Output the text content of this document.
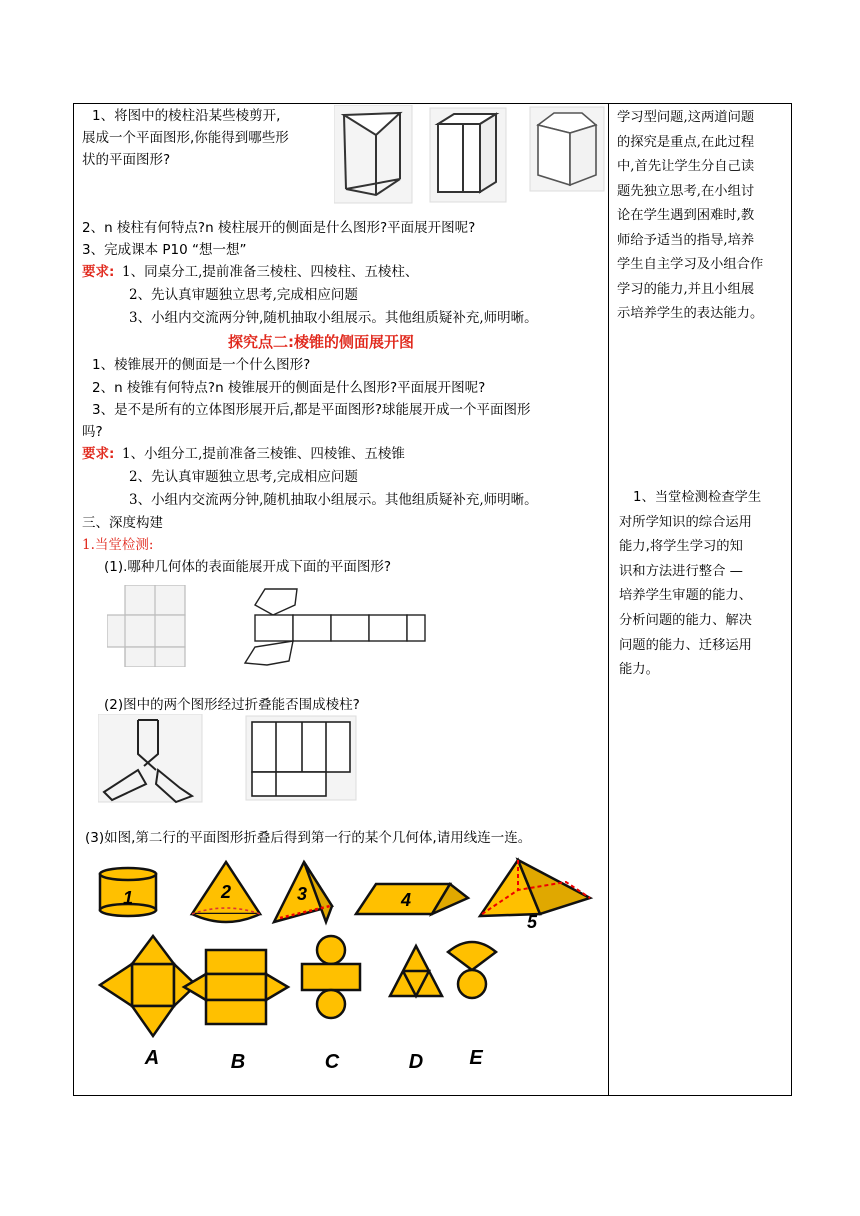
1、将图中的棱柱沿某些棱剪开,
展成一个平面图形,你能得到哪些形
状的平面图形?
2、n 棱柱有何特点?n 棱柱展开的侧面是什么图形?平面展开图呢?
3、完成课本 P10 “想一想”
要求: 1、同桌分工,提前准备三棱柱、四棱柱、五棱柱、
2、先认真审题独立思考,完成相应问题
3、小组内交流两分钟,随机抽取小组展示。其他组质疑补充,师明晰。
探究点二:棱锥的侧面展开图
1、棱锥展开的侧面是一个什么图形?
2、n 棱锥有何特点?n 棱锥展开的侧面是什么图形?平面展开图呢?
3、是不是所有的立体图形展开后,都是平面图形?球能展开成一个平面图形
吗?
要求: 1、小组分工,提前准备三棱锥、四棱锥、五棱锥
2、先认真审题独立思考,完成相应问题
3、小组内交流两分钟,随机抽取小组展示。其他组质疑补充,师明晰。
三、深度构建
1.当堂检测:
(1).哪种几何体的表面能展开成下面的平面图形?
(2)图中的两个图形经过折叠能否围成棱柱?
(3)如图,第二行的平面图形折叠后得到第一行的某个几何体,请用线连一连。
1	2	3	4
5
A	B	C	D E
学习型问题,这两道问题
的探究是重点,在此过程
中,首先让学生分自己读
题先独立思考,在小组讨
论在学生遇到困难时,教
师给予适当的指导,培养
学生自主学习及小组合作
学习的能力,并且小组展
示培养学生的表达能力。
1、当堂检测检查学生
对所学知识的综合运用
能力,将学生学习的知
识和方法进行整合 —
培养学生审题的能力、
分析问题的能力、解决
问题的能力、迁移运用
能力。
